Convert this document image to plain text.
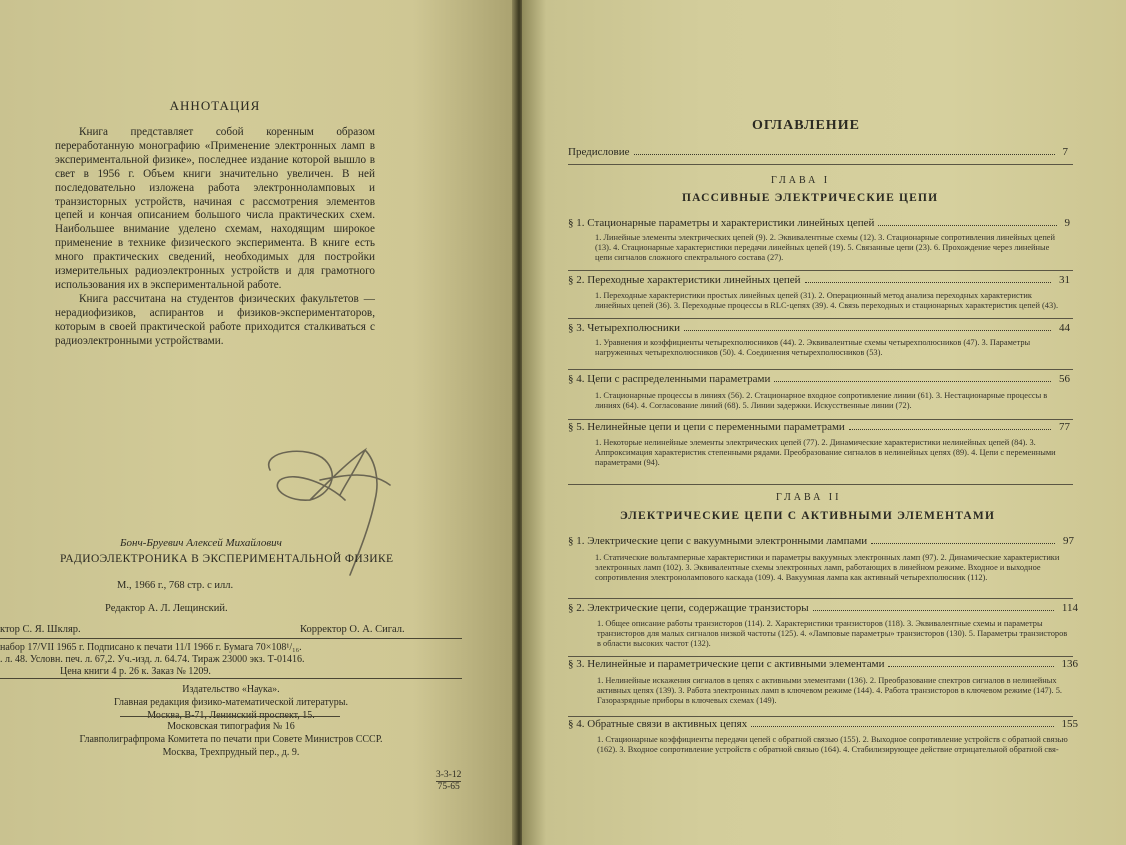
АННОТАЦИЯ

Книга представляет собой коренным образом переработанную монографию «Применение электронных ламп в экспериментальной физике», последнее издание которой вышло в свет в 1956 г. Объем книги значительно увеличен. В ней последовательно изложена работа электронноламповых и транзисторных устройств, начиная с рассмотрения элементов цепей и кончая описанием большого числа практических схем. Наибольшее внимание уделено схемам, находящим широкое применение в технике физического эксперимента. В книге есть много практических сведений, необходимых для постройки измерительных радиоэлектронных устройств и для грамотного использования их в экспериментальной работе.

Книга рассчитана на студентов физических факультетов — нерадиофизиков, аспирантов и физиков-экспериментаторов, которым в своей практической работе приходится сталкиваться с радиоэлектронными устройствами.

Бонч-Бруевич Алексей Михайлович
РАДИОЭЛЕКТРОНИКА В ЭКСПЕРИМЕНТАЛЬНОЙ ФИЗИКЕ
М., 1966 г., 768 стр. с илл.
Редактор А. Л. Лещинский.
ктор С. Я. Шкляр.	Корректор О. А. Сигал.
набор 17/VII 1965 г. Подписано к печати 11/I 1966 г. Бумага 70×108¹/₁₆.
. л. 48. Условн. печ. л. 67,2. Уч.-изд. л. 64.74. Тираж 23000 экз. Т-01416.
Цена книги 4 р. 26 к. Заказ № 1209.
Издательство «Наука».
Главная редакция физико-математической литературы.
Москва, В-71, Ленинский проспект, 15.
Московская типография № 16
Главполиграфпрома Комитета по печати при Совете Министров СССР.
Москва, Трехпрудный пер., д. 9.
3-3-12
75-65
ОГЛАВЛЕНИЕ
Предисловие	7
ГЛАВА I
ПАССИВНЫЕ ЭЛЕКТРИЧЕСКИЕ ЦЕПИ
§ 1. Стационарные параметры и характеристики линейных цепей	9
1. Линейные элементы электрических цепей (9). 2. Эквивалентные схемы (12). 3. Стационарные сопротивления линейных цепей (13). 4. Стационарные характеристики передачи линейных цепей (19). 5. Связанные цепи (23). 6. Прохождение через линейные цепи сигналов сложного спектрального состава (27).
§ 2. Переходные характеристики линейных цепей	31
1. Переходные характеристики простых линейных цепей (31). 2. Операционный метод анализа переходных характеристик линейных цепей (36). 3. Переходные процессы в RLC-цепях (39). 4. Связь переходных и стационарных характеристик цепей (43).
§ 3. Четырехполюсники	44
1. Уравнения и коэффициенты четырехполюсников (44). 2. Эквивалентные схемы четырехполюсников (47). 3. Параметры нагруженных четырехполюсников (50). 4. Соединения четырехполюсников (53).
§ 4. Цепи с распределенными параметрами	56
1. Стационарные процессы в линиях (56). 2. Стационарное входное сопротивление линии (61). 3. Нестационарные процессы в линиях (64). 4. Согласование линий (68). 5. Линии задержки. Искусственные линии (72).
§ 5. Нелинейные цепи и цепи с переменными параметрами	77
1. Некоторые нелинейные элементы электрических цепей (77). 2. Динамические характеристики нелинейных цепей (84). 3. Аппроксимация характеристик степенными рядами. Преобразование сигналов в нелинейных цепях (89). 4. Цепи с переменными параметрами (94).
ГЛАВА II
ЭЛЕКТРИЧЕСКИЕ ЦЕПИ С АКТИВНЫМИ ЭЛЕМЕНТАМИ
§ 1. Электрические цепи с вакуумными электронными лампами	97
1. Статические вольтамперные характеристики и параметры вакуумных электронных ламп (97). 2. Динамические характеристики электронных ламп (102). 3. Эквивалентные схемы электронных ламп, работающих в линейном режиме. Входное и выходное сопротивления электронолампового каскада (109). 4. Вакуумная лампа как активный четырехполюсник (112).
§ 2. Электрические цепи, содержащие транзисторы	114
1. Общее описание работы транзисторов (114). 2. Характеристики транзисторов (118). 3. Эквивалентные схемы и параметры транзисторов для малых сигналов низкой частоты (125). 4. «Ламповые параметры» транзисторов (130). 5. Параметры транзисторов в области высоких частот (132).
§ 3. Нелинейные и параметрические цепи с активными элементами	136
1. Нелинейные искажения сигналов в цепях с активными элементами (136). 2. Преобразование спектров сигналов в нелинейных активных цепях (139). 3. Работа электронных ламп в ключевом режиме (144). 4. Работа транзисторов в ключевом режиме (147). 5. Газоразрядные приборы в ключевых схемах (149).
§ 4. Обратные связи в активных цепях	155
1. Стационарные коэффициенты передачи цепей с обратной связью (155). 2. Выходное сопротивление устройств с обратной связью (162). 3. Входное сопротивление устройств с обратной связью (164). 4. Стабилизирующее действие отрицательной обратной свя-
